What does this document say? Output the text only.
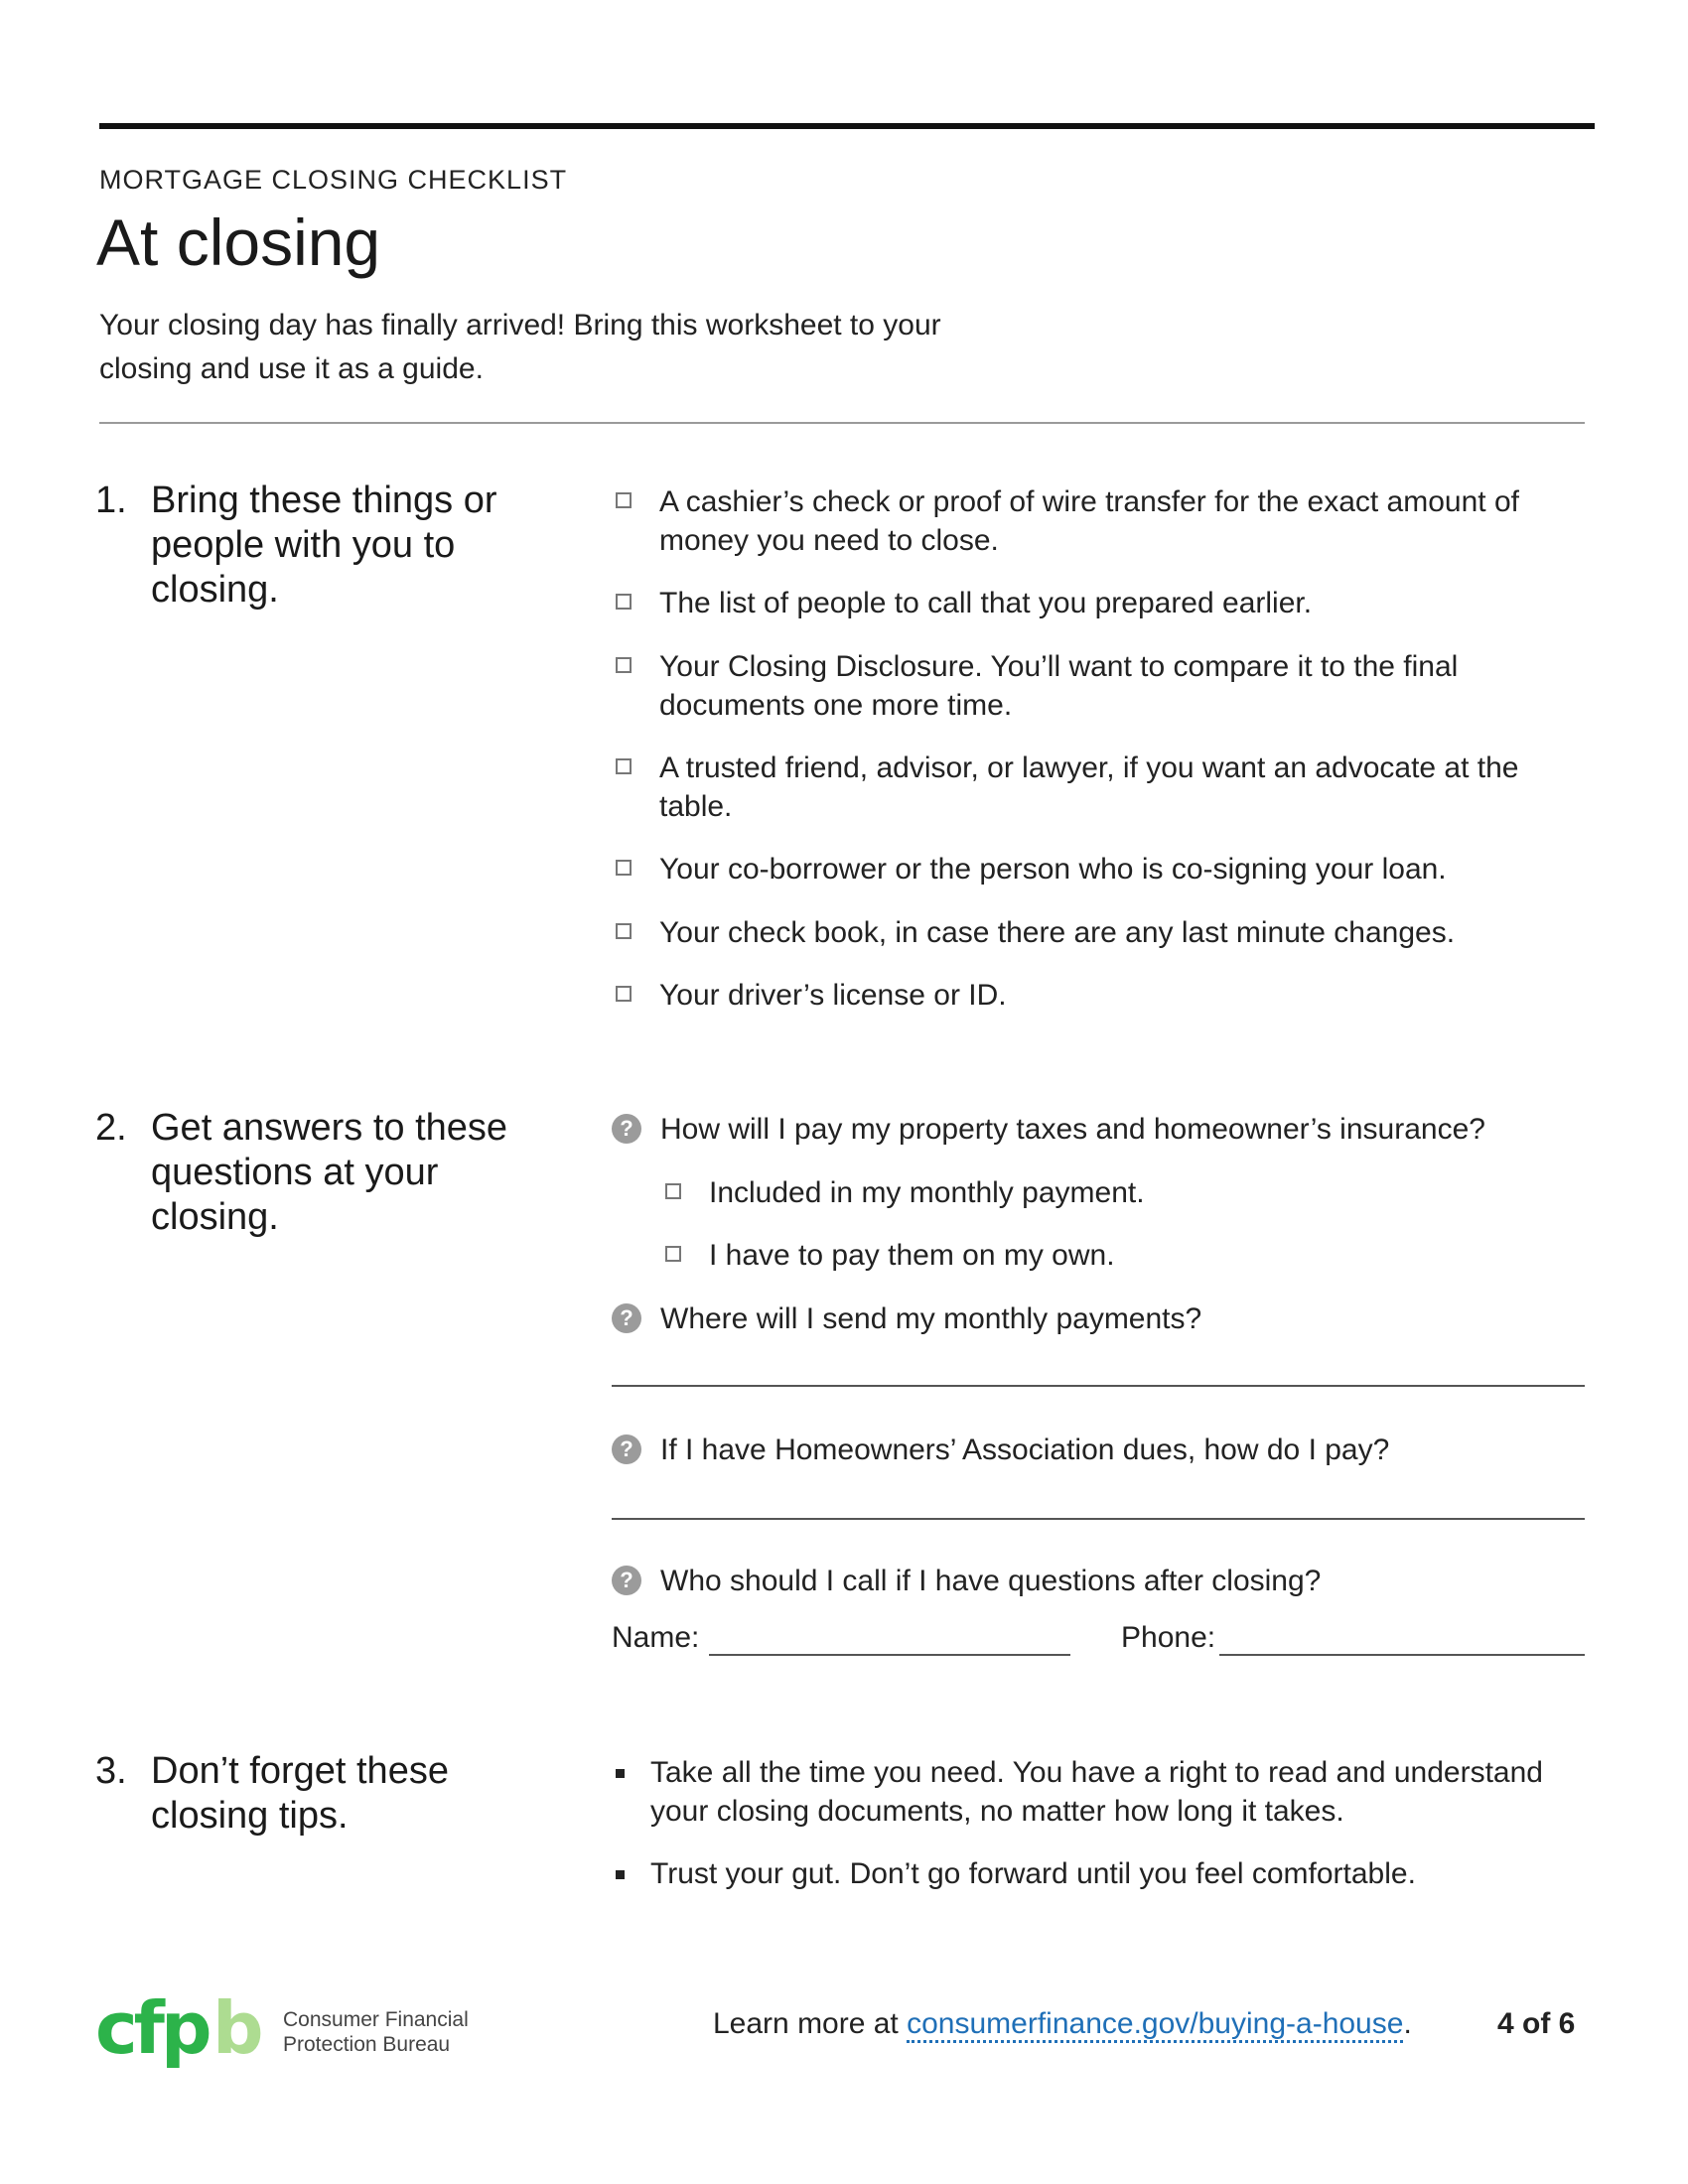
MORTGAGE CLOSING CHECKLIST
At closing
Your closing day has finally arrived! Bring this worksheet to your closing and use it as a guide.
1. Bring these things or people with you to closing.
A cashier’s check or proof of wire transfer for the exact amount of money you need to close.
The list of people to call that you prepared earlier.
Your Closing Disclosure. You’ll want to compare it to the final documents one more time.
A trusted friend, advisor, or lawyer, if you want an advocate at the table.
Your co-borrower or the person who is co-signing your loan.
Your check book, in case there are any last minute changes.
Your driver’s license or ID.
2. Get answers to these questions at your closing.
? How will I pay my property taxes and homeowner’s insurance?
Included in my monthly payment.
I have to pay them on my own.
? Where will I send my monthly payments?
? If I have Homeowners’ Association dues, how do I pay?
? Who should I call if I have questions after closing?
Name:	Phone:
3. Don’t forget these closing tips.
Take all the time you need. You have a right to read and understand your closing documents, no matter how long it takes.
Trust your gut. Don’t go forward until you feel comfortable.
cfp b Consumer Financial
Protection Bureau
Learn more at consumerfinance.gov/buying-a-house.	4 of 6
